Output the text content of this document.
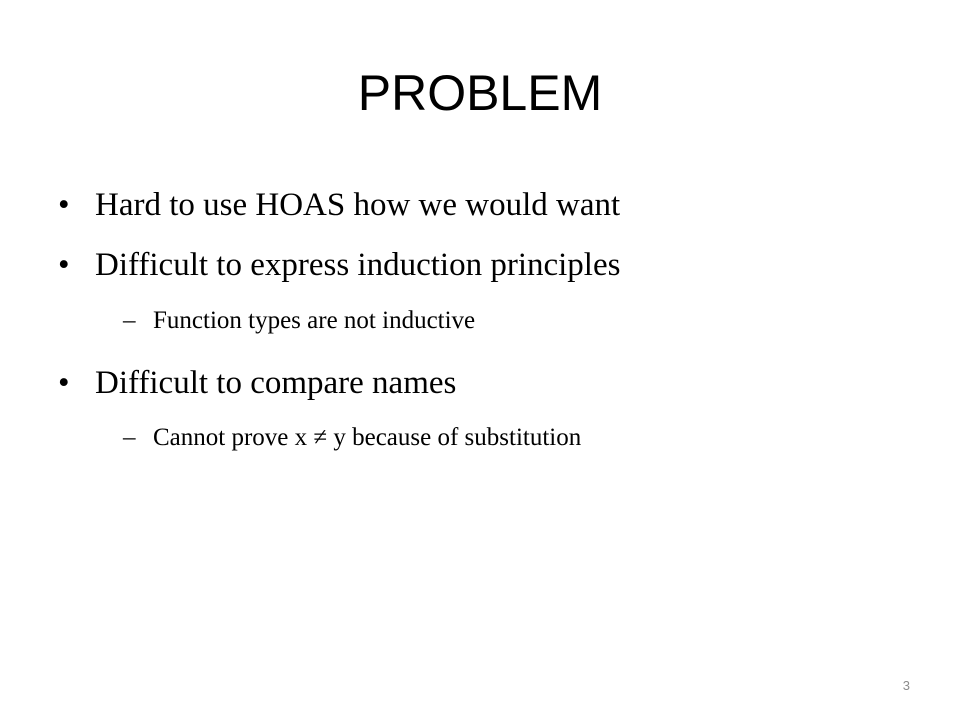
PROBLEM
• Hard to use HOAS how we would want
• Difficult to express induction principles
– Function types are not inductive
• Difficult to compare names
– Cannot prove x ≠ y because of substitution
3
